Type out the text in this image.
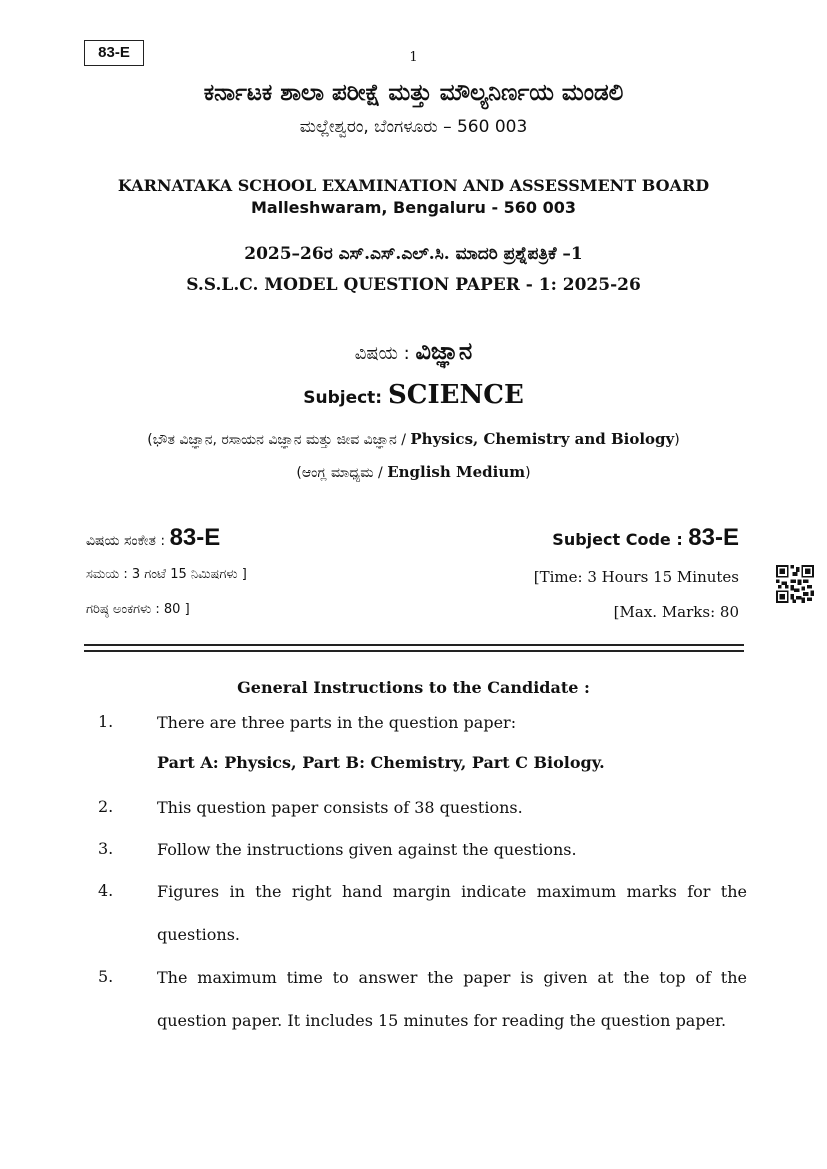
83-E	1
ಕರ್ನಾಟಕ ಶಾಲಾ ಪರೀಕ್ಷೆ ಮತ್ತು ಮೌಲ್ಯನಿರ್ಣಯ ಮಂಡಲಿ
ಮಲ್ಲೇಶ್ವರಂ, ಬೆಂಗಳೂರು – 560 003
KARNATAKA SCHOOL EXAMINATION AND ASSESSMENT BOARD
Malleshwaram, Bengaluru - 560 003
2025–26ರ ಎಸ್.ಎಸ್.ಎಲ್.ಸಿ. ಮಾದರಿ ಪ್ರಶ್ನೆಪತ್ರಿಕೆ –1
S.S.L.C. MODEL QUESTION PAPER - 1: 2025-26
ವಿಷಯ : ವಿಜ್ಞಾನ
Subject: SCIENCE
(ಭೌತ ವಿಜ್ಞಾನ, ರಸಾಯನ ವಿಜ್ಞಾನ ಮತ್ತು ಜೀವ ವಿಜ್ಞಾನ / Physics, Chemistry and Biology)
(ಆಂಗ್ಲ ಮಾಧ್ಯಮ / English Medium)
ವಿಷಯ ಸಂಕೇತ : 83-E	Subject Code : 83-E
ಸಮಯ : 3 ಗಂಟೆ 15 ನಿಮಿಷಗಳು ]	[Time: 3 Hours 15 Minutes
ಗರಿಷ್ಠ ಅಂಕಗಳು : 80 ]	[Max. Marks: 80
General Instructions to the Candidate :
1.	There are three parts in the question paper:
Part A: Physics, Part B: Chemistry, Part C Biology.
2.	This question paper consists of 38 questions.
3.	Follow the instructions given against the questions.
4.	Figures in the right hand margin indicate maximum marks for the questions.
5.	The maximum time to answer the paper is given at the top of the question paper. It includes 15 minutes for reading the question paper.
